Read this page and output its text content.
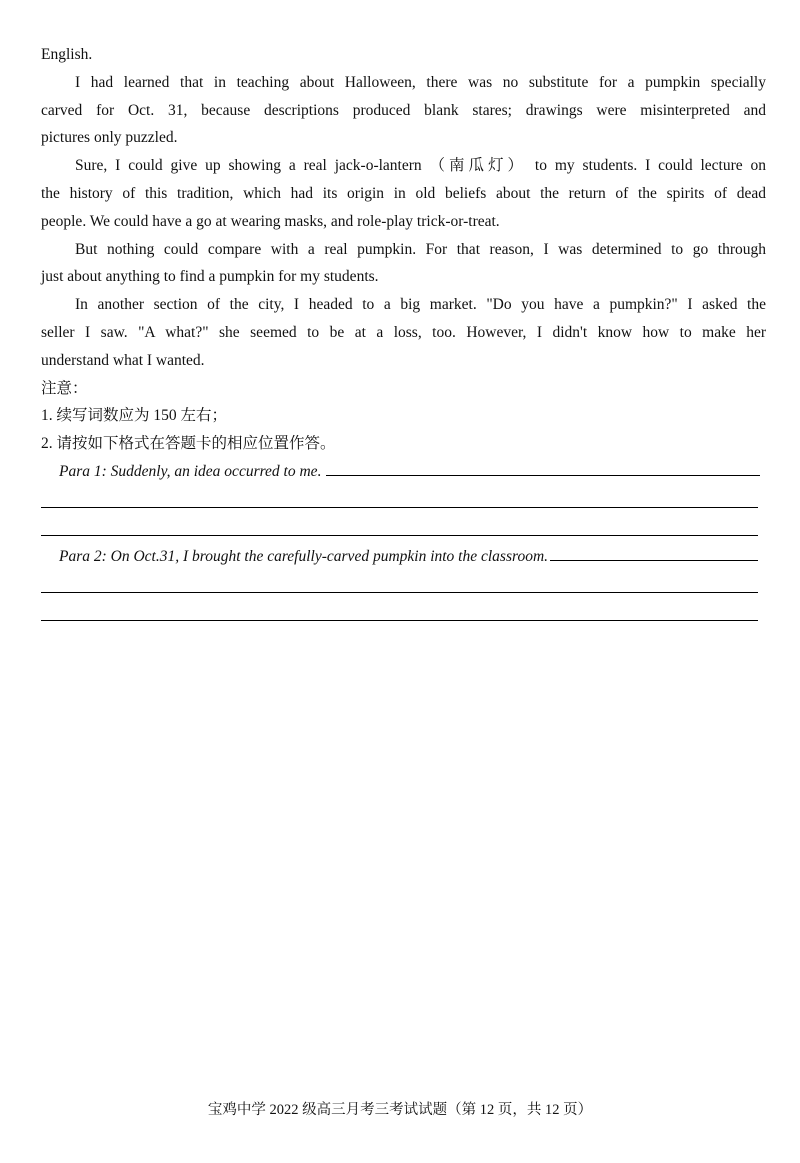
English.
I had learned that in teaching about Halloween, there was no substitute for a pumpkin specially
carved for Oct. 31, because descriptions produced blank stares; drawings were misinterpreted and
pictures only puzzled.
Sure, I could give up showing a real jack-o-lantern （南瓜灯） to my students. I could lecture on
the history of this tradition, which had its origin in old beliefs about the return of the spirits of dead
people. We could have a go at wearing masks, and role-play trick-or-treat.
But nothing could compare with a real pumpkin. For that reason, I was determined to go through
just about anything to find a pumpkin for my students.
In another section of the city, I headed to a big market. "Do you have a pumpkin?" I asked the
seller I saw. "A what?" she seemed to be at a loss, too. However, I didn't know how to make her
understand what I wanted.
注意：
1. 续写词数应为 150 左右；
2. 请按如下格式在答题卡的相应位置作答。
Para 1: Suddenly, an idea occurred to me.
Para 2: On Oct.31, I brought the carefully-carved pumpkin into the classroom.
宝鸡中学 2022 级高三月考三考试试题（第 12 页，共 12 页）
